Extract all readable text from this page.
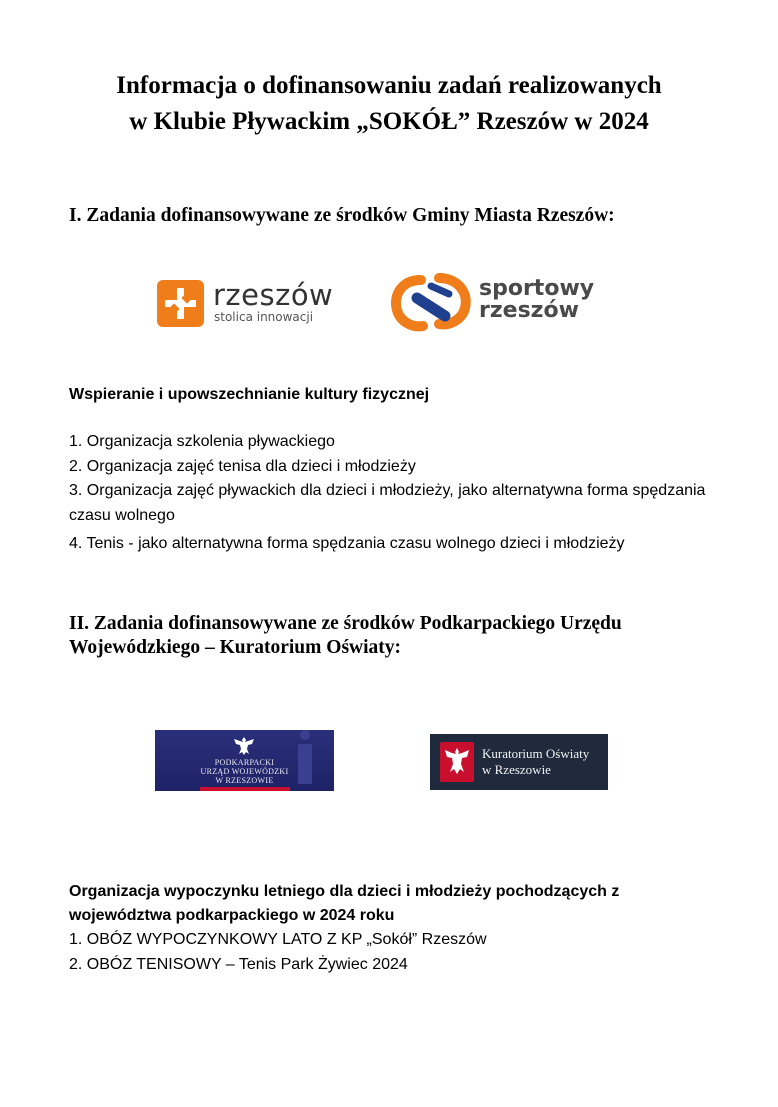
Informacja o dofinansowaniu zadań realizowanych
w Klubie Pływackim „SOKÓŁ” Rzeszów w 2024
I. Zadania dofinansowywane ze środków Gminy Miasta Rzeszów:
rzeszów
stolica innowacji
sportowy
rzeszów
Wspieranie i upowszechnianie kultury fizycznej
1. Organizacja szkolenia pływackiego
2. Organizacja zajęć tenisa dla dzieci i młodzieży
3. Organizacja zajęć pływackich dla dzieci i młodzieży, jako alternatywna forma spędzania czasu wolnego
4. Tenis - jako alternatywna forma spędzania czasu wolnego dzieci i młodzieży
II. Zadania dofinansowywane ze środków Podkarpackiego Urzędu Wojewódzkiego – Kuratorium Oświaty:
PODKARPACKI
URZĄD WOJEWÓDZKI
W RZESZOWIE
Kuratorium Oświaty
w Rzeszowie
Organizacja wypoczynku letniego dla dzieci i młodzieży pochodzących z województwa podkarpackiego w 2024 roku
1. OBÓZ WYPOCZYNKOWY LATO Z KP „Sokół” Rzeszów
2. OBÓZ TENISOWY – Tenis Park Żywiec 2024
